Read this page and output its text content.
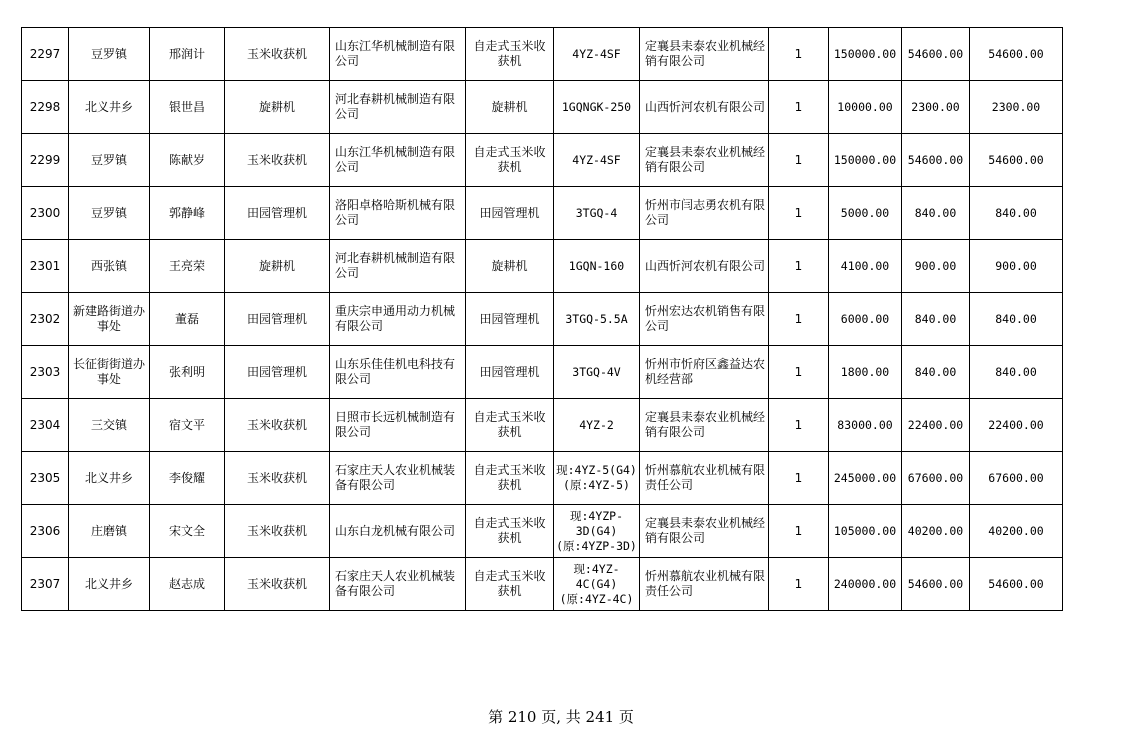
2297	豆罗镇	邢润计	玉米收获机	山东江华机械制造有限公司	自走式玉米收获机	4YZ-4SF	定襄县耒泰农业机械经销有限公司	1	150000.00	54600.00	54600.00
2298	北义井乡	银世昌	旋耕机	河北春耕机械制造有限公司	旋耕机	1GQNGK-250	山西忻河农机有限公司	1	10000.00	2300.00	2300.00
2299	豆罗镇	陈献岁	玉米收获机	山东江华机械制造有限公司	自走式玉米收获机	4YZ-4SF	定襄县耒泰农业机械经销有限公司	1	150000.00	54600.00	54600.00
2300	豆罗镇	郭静峰	田园管理机	洛阳卓格哈斯机械有限公司	田园管理机	3TGQ-4	忻州市闫志勇农机有限公司	1	5000.00	840.00	840.00
2301	西张镇	王亮荣	旋耕机	河北春耕机械制造有限公司	旋耕机	1GQN-160	山西忻河农机有限公司	1	4100.00	900.00	900.00
2302	新建路街道办事处	董磊	田园管理机	重庆宗申通用动力机械有限公司	田园管理机	3TGQ-5.5A	忻州宏达农机销售有限公司	1	6000.00	840.00	840.00
2303	长征街街道办事处	张利明	田园管理机	山东乐佳佳机电科技有限公司	田园管理机	3TGQ-4V	忻州市忻府区鑫益达农机经营部	1	1800.00	840.00	840.00
2304	三交镇	宿文平	玉米收获机	日照市长远机械制造有限公司	自走式玉米收获机	4YZ-2	定襄县耒泰农业机械经销有限公司	1	83000.00	22400.00	22400.00
2305	北义井乡	李俊耀	玉米收获机	石家庄天人农业机械装备有限公司	自走式玉米收获机	现:4YZ-5(G4)(原:4YZ-5)	忻州慕航农业机械有限责任公司	1	245000.00	67600.00	67600.00
2306	庄磨镇	宋文全	玉米收获机	山东白龙机械有限公司	自走式玉米收获机	现:4YZP-3D(G4)(原:4YZP-3D)	定襄县耒泰农业机械经销有限公司	1	105000.00	40200.00	40200.00
2307	北义井乡	赵志成	玉米收获机	石家庄天人农业机械装备有限公司	自走式玉米收获机	现:4YZ-4C(G4)(原:4YZ-4C)	忻州慕航农业机械有限责任公司	1	240000.00	54600.00	54600.00
第 210 页, 共 241 页
